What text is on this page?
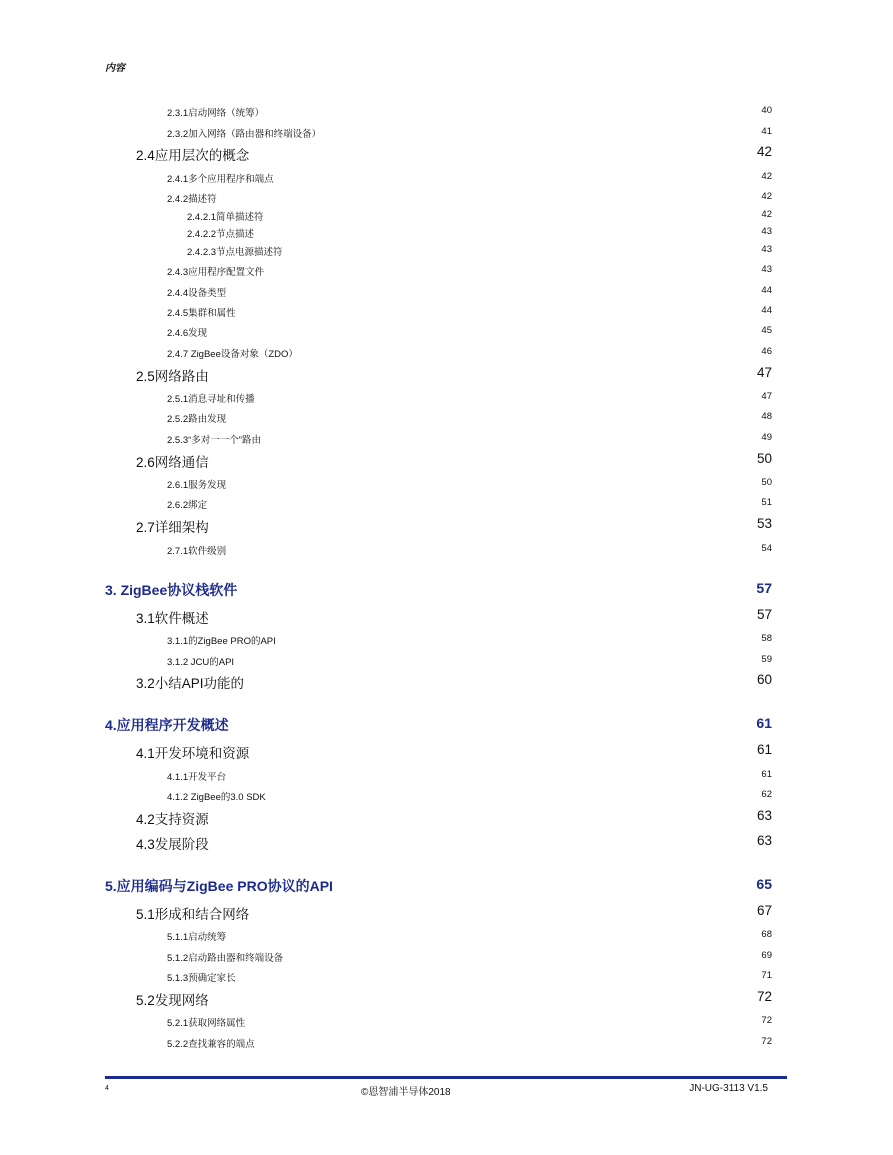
内容
2.3.1启动网络（统筹）	40
2.3.2加入网络（路由器和终端设备）	41
2.4应用层次的概念	42
2.4.1多个应用程序和端点	42
2.4.2描述符	42
2.4.2.1简单描述符	42
2.4.2.2节点描述	43
2.4.2.3节点电源描述符	43
2.4.3应用程序配置文件	43
2.4.4设备类型	44
2.4.5集群和属性	44
2.4.6发现	45
2.4.7 ZigBee设备对象（ZDO）	46
2.5网络路由	47
2.5.1消息寻址和传播	47
2.5.2路由发现	48
2.5.3“多对一一个”路由	49
2.6网络通信	50
2.6.1服务发现	50
2.6.2绑定	51
2.7详细架构	53
2.7.1软件级别	54
3. ZigBee协议栈软件	57
3.1软件概述	57
3.1.1的ZigBee PRO的API	58
3.1.2 JCU的API	59
3.2小结API功能的	60
4.应用程序开发概述	61
4.1开发环境和资源	61
4.1.1开发平台	61
4.1.2 ZigBee的3.0 SDK	62
4.2支持资源	63
4.3发展阶段	63
5.应用编码与ZigBee PRO协议的API	65
5.1形成和结合网络	67
5.1.1启动统筹	68
5.1.2启动路由器和终端设备	69
5.1.3预确定家长	71
5.2发现网络	72
5.2.1获取网络属性	72
5.2.2查找兼容的端点	72
4	©恩智浦半导体2018	JN-UG-3113 V1.5
